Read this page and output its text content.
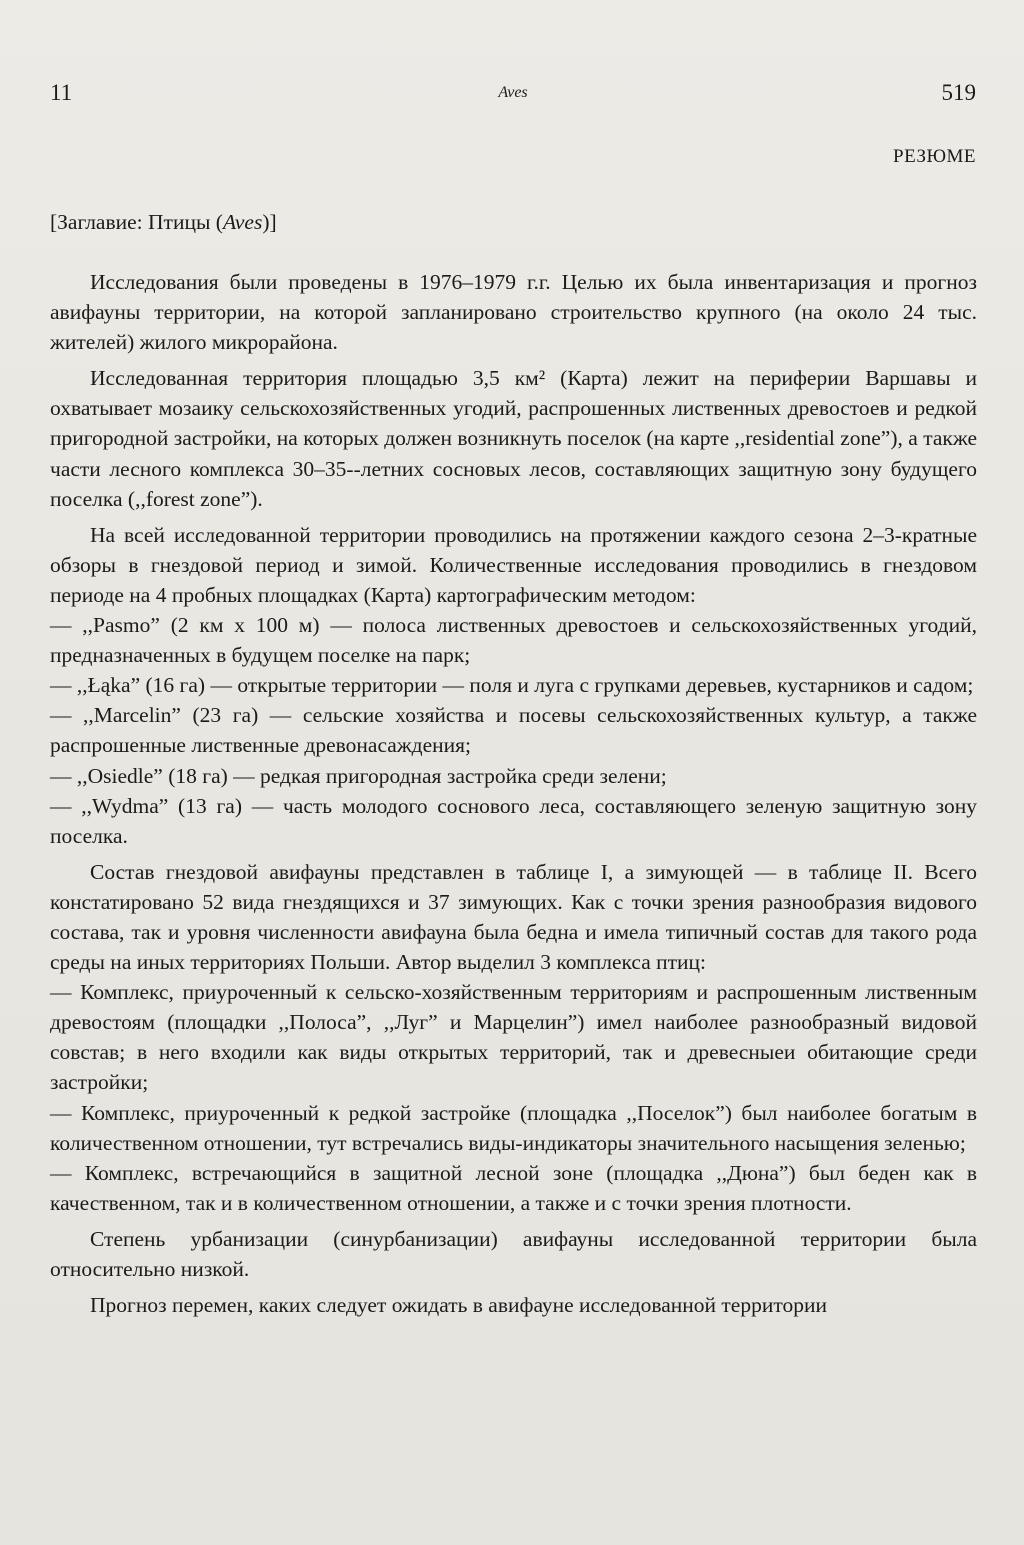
11	Aves	519
РЕЗЮМЕ
[Заглавие: Птицы (Aves)]

Исследования были проведены в 1976–1979 г.г. Целью их была инвентаризация и прогноз авифауны территории, на которой запланировано строительство крупного (на около 24 тыс. жителей) жилого микрорайона.

Исследованная территория площадью 3,5 км² (Карта) лежит на периферии Варшавы и охватывает мозаику сельскохозяйственных угодий, распрошенных лиственных древостоев и редкой пригородной застройки, на которых должен возникнуть поселок (на карте ,,residential zone”), а также части лесного комплекса 30–35--летних сосновых лесов, составляющих защитную зону будущего поселка (,,forest zone”).

На всей исследованной территории проводились на протяжении каждого сезона 2–3-кратные обзоры в гнездовой период и зимой. Количественные исследования проводились в гнездовом периоде на 4 пробных площадках (Карта) картографическим методом:

— ,,Pasmo” (2 км x 100 м) — полоса лиственных древостоев и сельскохозяйственных угодий, предназначенных в будущем поселке на парк;

— ,,Łąka” (16 га) — открытые территории — поля и луга с групками деревьев, кустарников и садом;

— ,,Marcelin” (23 га) — сельские хозяйства и посевы сельскохозяйственных культур, а также распрошенные лиственные древонасаждения;

— ,,Osiedle” (18 га) — редкая пригородная застройка среди зелени;

— ,,Wydma” (13 га) — часть молодого соснового леса, составляющего зеленую защитную зону поселка.

Состав гнездовой авифауны представлен в таблице I, а зимующей — в таблице II. Всего констатировано 52 вида гнездящихся и 37 зимующих. Как с точки зрения разнообразия видового состава, так и уровня численности авифауна была бедна и имела типичный состав для такого рода среды на иных территориях Польши. Автор выделил 3 комплекса птиц:

— Комплекс, приуроченный к сельско-хозяйственным территориям и распрошенным лиственным древостоям (площадки ,,Полоса”, ,,Луг” и Марцелин”) имел наиболее разнообразный видовой совстав; в него входили как виды открытых территорий, так и древесныеи обитающие среди застройки;

— Комплекс, приуроченный к редкой застройке (площадка ,,Поселок”) был наиболее богатым в количественном отношении, тут встречались виды-индикаторы значительного насыщения зеленью;

— Комплекс, встречающийся в защитной лесной зоне (площадка ,,Дюна”) был беден как в качественном, так и в количественном отношении, а также и с точки зрения плотности.

Степень урбанизации (синурбанизации) авифауны исследованной территории была относительно низкой.

Прогноз перемен, каких следует ожидать в авифауне исследованной территории
